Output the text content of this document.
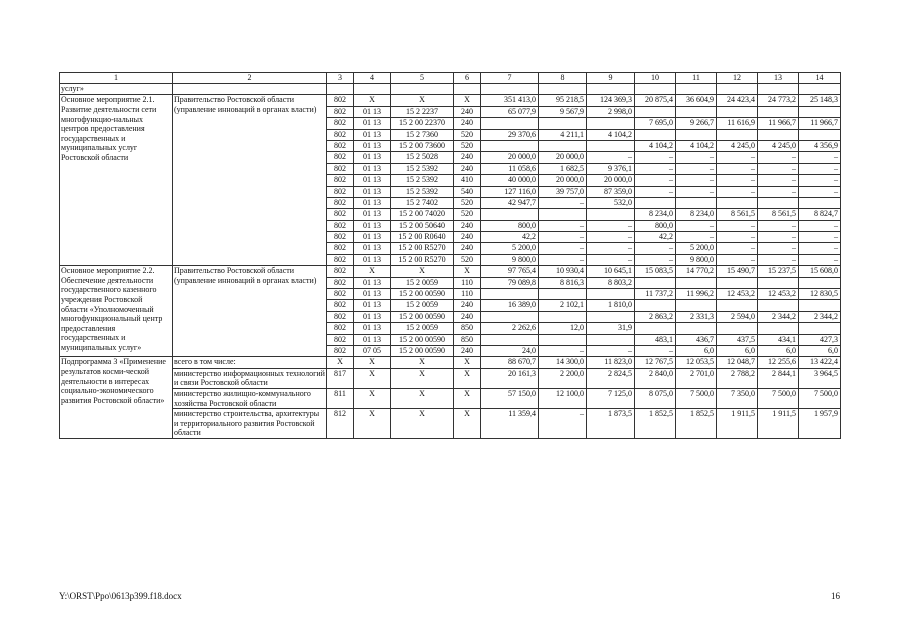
1	2	3	4	5	6	7	8	9	10	11	12	13	14
услуг»													
Основное мероприятие 2.1. Развитие деятельности сети многофункцио-нальных центров предоставления государственных и муниципальных услуг Ростовской области	Правительство Ростовской области (управление инноваций в органах власти)	802	Х	Х	Х	351 413,0	95 218,5	124 369,3	20 875,4	36 604,9	24 423,4	24 773,2	25 148,3
		802	01 13	15 2 2237	240	65 077,9	9 567,9	2 998,0					
		802	01 13	15 2 00 22370	240				7 695,0	9 266,7	11 616,9	11 966,7	11 966,7
		802	01 13	15 2 7360	520	29 370,6	4 211,1	4 104,2					
		802	01 13	15 2 00 73600	520				4 104,2	4 104,2	4 245,0	4 245,0	4 356,9
		802	01 13	15 2 5028	240	20 000,0	20 000,0	–	–	–	–	–	–
		802	01 13	15 2 5392	240	11 058,6	1 682,5	9 376,1	–	–	–	–	–
		802	01 13	15 2 5392	410	40 000,0	20 000,0	20 000,0	–	–	–	–	–
		802	01 13	15 2 5392	540	127 116,0	39 757,0	87 359,0	–	–	–	–	–
		802	01 13	15 2 7402	520	42 947,7	–	532,0					
		802	01 13	15 2 00 74020	520				8 234,0	8 234,0	8 561,5	8 561,5	8 824,7
		802	01 13	15 2 00 50640	240	800,0	–	–	800,0	–	–	–	–
		802	01 13	15 2 00 R0640	240	42,2	–	–	42,2	–	–	–	–
		802	01 13	15 2 00 R5270	240	5 200,0	–	–	–	5 200,0	–	–	–
		802	01 13	15 2 00 R5270	520	9 800,0	–	–	–	9 800,0	–	–	–
Основное мероприятие 2.2. Обеспечение деятельности государственного казенного учреждения Ростовской области «Уполномоченный многофункциональный центр предоставления государственных и муниципальных услуг»	Правительство Ростовской области (управление инноваций в органах власти)	802	Х	Х	Х	97 765,4	10 930,4	10 645,1	15 083,5	14 770,2	15 490,7	15 237,5	15 608,0
		802	01 13	15 2 0059	110	79 089,8	8 816,3	8 803,2					
		802	01 13	15 2 00 00590	110				11 737,2	11 996,2	12 453,2	12 453,2	12 830,5
		802	01 13	15 2 0059	240	16 389,0	2 102,1	1 810,0					
		802	01 13	15 2 00 00590	240				2 863,2	2 331,3	2 594,0	2 344,2	2 344,2
		802	01 13	15 2 0059	850	2 262,6	12,0	31,9					
		802	01 13	15 2 00 00590	850				483,1	436,7	437,5	434,1	427,3
		802	07 05	15 2 00 00590	240	24,0	–	–	–	6,0	6,0	6,0	6,0
Подпрограмма 3 «Применение результатов косми-ческой деятельности в интересах социально-экономического развития Ростовской области»	всего в том числе:	Х	Х	Х	Х	88 670,7	14 300,0	11 823,0	12 767,5	12 053,5	12 048,7	12 255,6	13 422,4
	министерство информационных технологий и связи Ростовской области	817	Х	Х	Х	20 161,3	2 200,0	2 824,5	2 840,0	2 701,0	2 788,2	2 844,1	3 964,5
	министерство жилищно-коммунального хозяйства Ростовской области	811	Х	Х	Х	57 150,0	12 100,0	7 125,0	8 075,0	7 500,0	7 350,0	7 500,0	7 500,0
	министерство строительства, архитектуры и территориального развития Ростовской области	812	Х	Х	Х	11 359,4	–	1 873,5	1 852,5	1 852,5	1 911,5	1 911,5	1 957,9
Y:\ORST\Ppo\0613p399.f18.docx	16
